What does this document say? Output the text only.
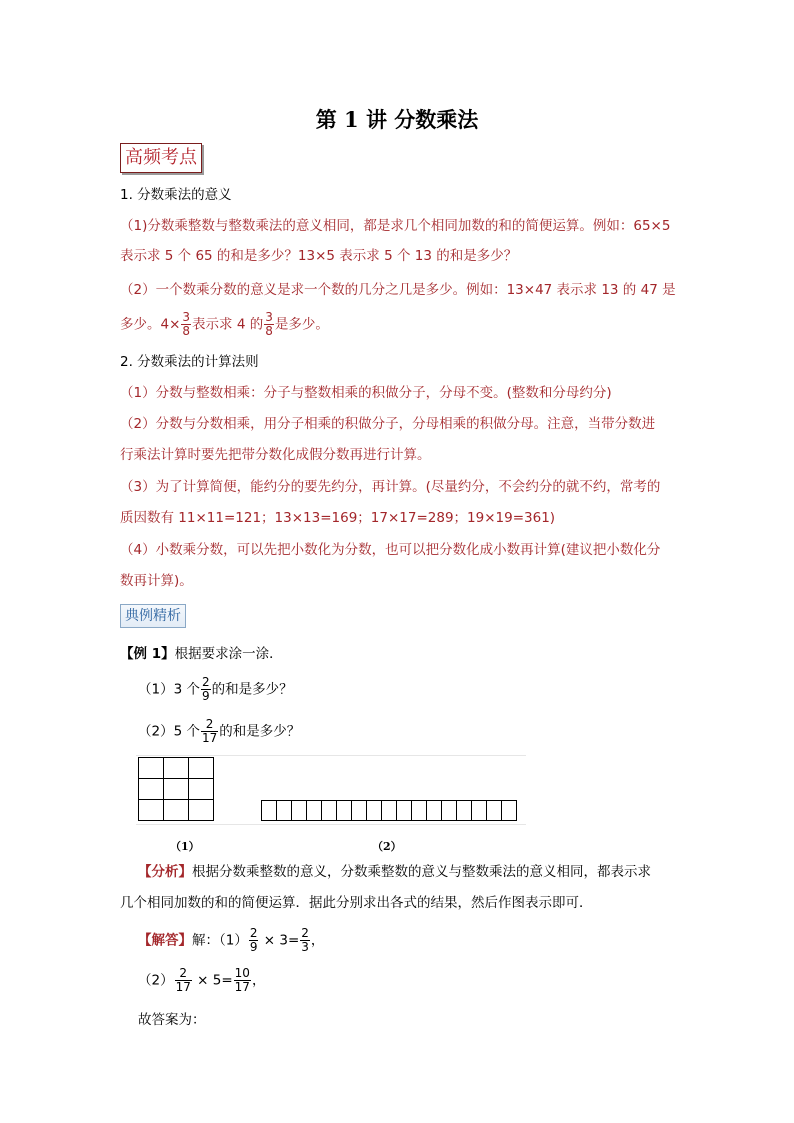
第 1 讲 分数乘法
高频考点
1. 分数乘法的意义
（1)分数乘整数与整数乘法的意义相同，都是求几个相同加数的和的简便运算。例如：65×5
表示求 5 个 65 的和是多少？13×5 表示求 5 个 13 的和是多少？
（2）一个数乘分数的意义是求一个数的几分之几是多少。例如：13×47 表示求 13 的 47 是
多少。$4\times \frac{3}{8}$ 表示求 4 的 $\frac{3}{8}$ 是多少。
2. 分数乘法的计算法则
（1）分数与整数相乘：分子与整数相乘的积做分子，分母不变。(整数和分母约分)
（2）分数与分数相乘，用分子相乘的积做分子，分母相乘的积做分母。注意，当带分数进
行乘法计算时要先把带分数化成假分数再进行计算。
（3）为了计算简便，能约分的要先约分，再计算。(尽量约分，不会约分的就不约，常考的
质因数有 11×11=121；13×13=169；17×17=289；19×19=361)
（4）小数乘分数，可以先把小数化为分数，也可以把分数化成小数再计算(建议把小数化分
数再计算)。
典例精析
【例 1】根据要求涂一涂．
（1）3 个 $\frac{2}{9}$ 的和是多少？
（2）5 个 $\frac{2}{17}$ 的和是多少？

（1）	（2）
【分析】根据分数乘整数的意义，分数乘整数的意义与整数乘法的意义相同，都表示求
几个相同加数的和的简便运算．据此分别求出各式的结果，然后作图表示即可．
【解答】解：$(1) \frac{2}{9} \times 3= \frac{2}{3}$ ，
$(2) \frac{2}{17} \times 5= \frac{10}{17}$ ，
故答案为：
